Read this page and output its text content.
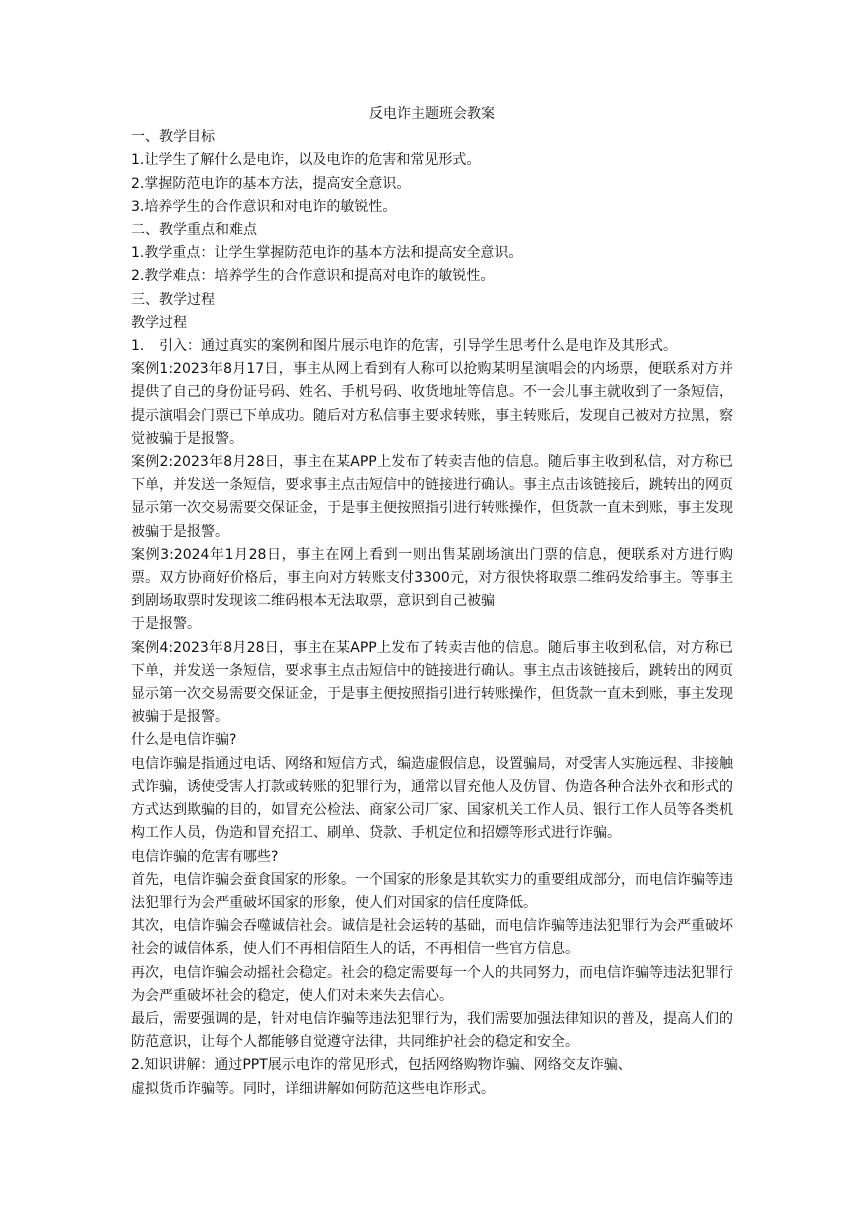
反电诈主题班会教案

一、教学目标

1.让学生了解什么是电诈，以及电诈的危害和常见形式。

2.掌握防范电诈的基本方法，提高安全意识。

3.培养学生的合作意识和对电诈的敏锐性。

二、教学重点和难点

1.教学重点：让学生掌握防范电诈的基本方法和提高安全意识。

2.教学难点：培养学生的合作意识和提高对电诈的敏锐性。

三、教学过程

教学过程

1. 引入：通过真实的案例和图片展示电诈的危害，引导学生思考什么是电诈及其形式。

案例1:2023年8月17日，事主从网上看到有人称可以抢购某明星演唱会的内场票，便联系对方并提供了自己的身份证号码、姓名、手机号码、收货地址等信息。不一会儿事主就收到了一条短信，提示演唱会门票已下单成功。随后对方私信事主要求转账，事主转账后，发现自己被对方拉黑，察觉被骗于是报警。

案例2:2023年8月28日，事主在某APP上发布了转卖吉他的信息。随后事主收到私信，对方称已下单，并发送一条短信，要求事主点击短信中的链接进行确认。事主点击该链接后，跳转出的网页显示第一次交易需要交保证金，于是事主便按照指引进行转账操作，但货款一直未到账，事主发现被骗于是报警。

案例3:2024年1月28日，事主在网上看到一则出售某剧场演出门票的信息，便联系对方进行购票。双方协商好价格后，事主向对方转账支付3300元，对方很快将取票二维码发给事主。等事主到剧场取票时发现该二维码根本无法取票，意识到自己被骗

于是报警。

案例4:2023年8月28日，事主在某APP上发布了转卖吉他的信息。随后事主收到私信，对方称已下单，并发送一条短信，要求事主点击短信中的链接进行确认。事主点击该链接后，跳转出的网页显示第一次交易需要交保证金，于是事主便按照指引进行转账操作，但货款一直未到账，事主发现被骗于是报警。

什么是电信诈骗?

电信诈骗是指通过电话、网络和短信方式，编造虚假信息，设置骗局，对受害人实施远程、非接触式诈骗，诱使受害人打款或转账的犯罪行为，通常以冒充他人及仿冒、伪造各种合法外衣和形式的方式达到欺骗的目的，如冒充公检法、商家公司厂家、国家机关工作人员、银行工作人员等各类机构工作人员，伪造和冒充招工、刷单、贷款、手机定位和招嫖等形式进行诈骗。

电信诈骗的危害有哪些?

首先，电信诈骗会蚕食国家的形象。一个国家的形象是其软实力的重要组成部分，而电信诈骗等违法犯罪行为会严重破坏国家的形象，使人们对国家的信任度降低。

其次，电信诈骗会吞噬诚信社会。诚信是社会运转的基础，而电信诈骗等违法犯罪行为会严重破坏社会的诚信体系，使人们不再相信陌生人的话，不再相信一些官方信息。

再次，电信诈骗会动摇社会稳定。社会的稳定需要每一个人的共同努力，而电信诈骗等违法犯罪行为会严重破坏社会的稳定，使人们对未来失去信心。

最后，需要强调的是，针对电信诈骗等违法犯罪行为，我们需要加强法律知识的普及，提高人们的防范意识，让每个人都能够自觉遵守法律，共同维护社会的稳定和安全。

2.知识讲解：通过PPT展示电诈的常见形式，包括网络购物诈骗、网络交友诈骗、

虚拟货币诈骗等。同时，详细讲解如何防范这些电诈形式。
